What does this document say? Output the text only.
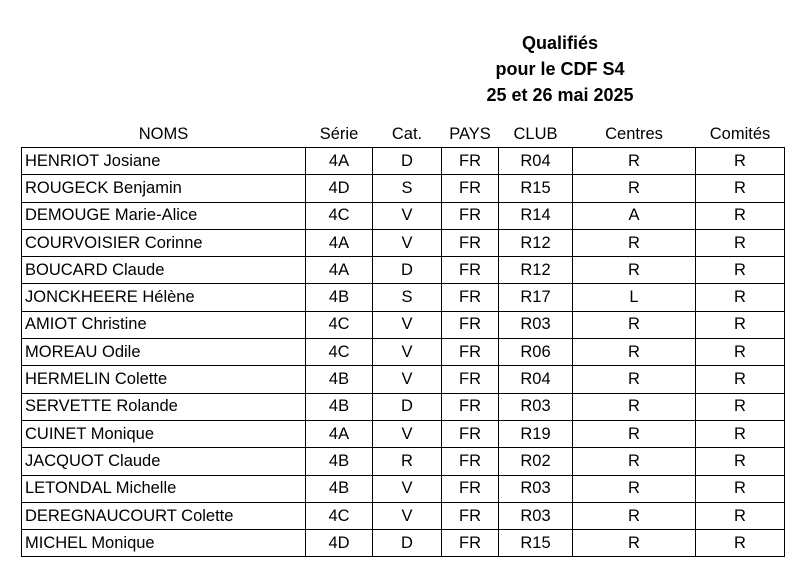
Qualifiés
pour le CDF S4
25 et 26 mai 2025
NOMS	Série	Cat.	PAYS	CLUB	Centres	Comités
HENRIOT Josiane	4A	D	FR	R04	R	R
ROUGECK Benjamin	4D	S	FR	R15	R	R
DEMOUGE Marie-Alice	4C	V	FR	R14	A	R
COURVOISIER Corinne	4A	V	FR	R12	R	R
BOUCARD Claude	4A	D	FR	R12	R	R
JONCKHEERE Hélène	4B	S	FR	R17	L	R
AMIOT Christine	4C	V	FR	R03	R	R
MOREAU Odile	4C	V	FR	R06	R	R
HERMELIN Colette	4B	V	FR	R04	R	R
SERVETTE Rolande	4B	D	FR	R03	R	R
CUINET Monique	4A	V	FR	R19	R	R
JACQUOT Claude	4B	R	FR	R02	R	R
LETONDAL Michelle	4B	V	FR	R03	R	R
DEREGNAUCOURT Colette	4C	V	FR	R03	R	R
MICHEL Monique	4D	D	FR	R15	R	R
